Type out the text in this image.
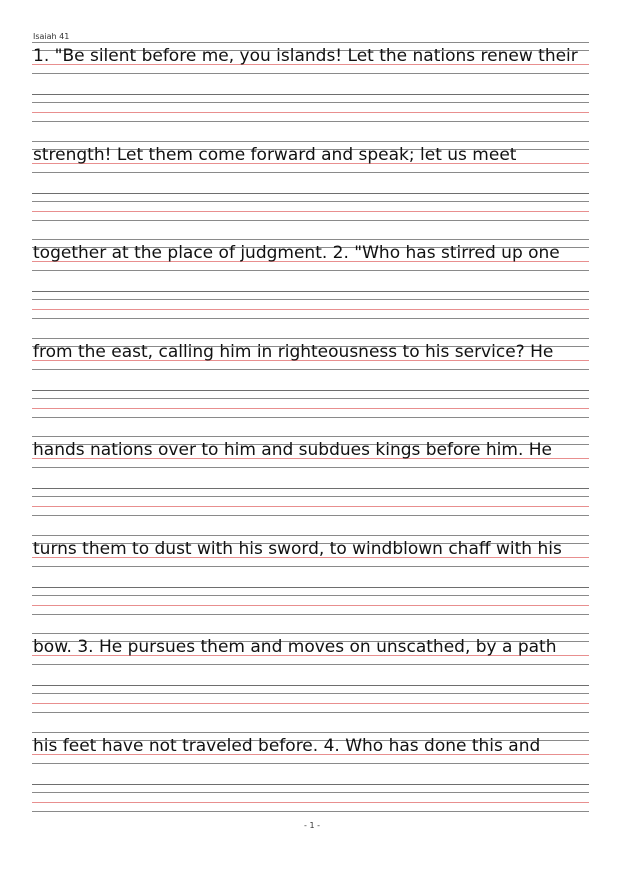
Isaiah 41
1. "Be silent before me, you islands! Let the nations renew their
strength! Let them come forward and speak; let us meet
together at the place of judgment. 2. "Who has stirred up one
from the east, calling him in righteousness to his service? He
hands nations over to him and subdues kings before him. He
turns them to dust with his sword, to windblown chaff with his
bow. 3. He pursues them and moves on unscathed, by a path
his feet have not traveled before. 4. Who has done this and
- 1 -
